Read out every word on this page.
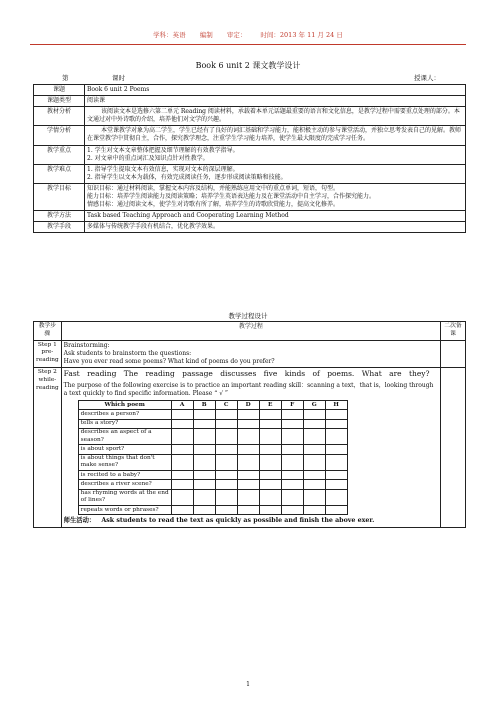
学科：英语 编制 审定： 时间：2013 年 11 月 24 日
Book 6 unit 2 课文教学设计
第	课时	授课人：
课题	Book 6 unit 2 Poems
课题类型	阅读课
教材分析	该阅读文本是选修六第二单元 Reading 阅读材料，承载着本单元话题最重要的语言和文化信息，是教学过程中需要重点处理的部分。本文通过对中外诗歌的介绍，培养他们对文学的兴趣。
学情分析	本堂课教学对象为高二学生，学生已经有了良好的词汇基础和学习能力，能积极主动的参与课堂活动，并独立思考发表自己的见解。教师在课堂教学中贯彻自主，合作，探究教学理念，注重学生学习能力培养，使学生最大限度的完成学习任务。
教学重点	1. 学生对文本文章整体把握及细节理解的有效教学指导。
2. 对文章中的重点词汇及知识点针对性教学。

教学难点	1. 指导学生提取文本有效信息，实现对文本的深层理解。
2. 指导学生以文本为载体，有效完成阅读任务，逐步形成阅读策略和技能。

教学目标	知识目标：通过材料阅读，掌握文本内容及结构，并能熟练应用文中的重点单词，短语，句型。
能力目标：培养学生阅读能力及阅读策略；培养学生英语表达能力及在课堂活动中自主学习，合作探究能力。
情感目标：通过阅读文本，使学生对诗歌有所了解，培养学生的诗歌欣赏能力，提高文化修养。

教学方法	Task based Teaching Approach and Cooperating Learning Method
教学手段	多媒体与传统教学手段有机结合，优化教学效果。
教学过程设计
教学步骤	教学过程	二次备课
Step 1 pre-reading	
Brainstorming:
Ask students to brainstorm the questions:
Have you ever read some poems? What kind of poems do you prefer?

Step 2 while-reading	
Fast reading The reading passage discusses five kinds of poems. What are they?
The purpose of the following exercise is to practice an important reading skill：scanning a text，that is，looking through a text quickly to find specific information. Please “ √ ”
Which poem	A	B	C	D	E	F	G	H
describes a person?								
tells a story?								
describes an aspect of a season?								
is about sport?								
is about things that don't make sense?								
is recited to a baby?								
describes a river scene?								
has rhyming words at the end of lines?								
repeats words or phrases?								
师生活动： Ask students to read the text as quickly as possible and finish the above exer.

1
